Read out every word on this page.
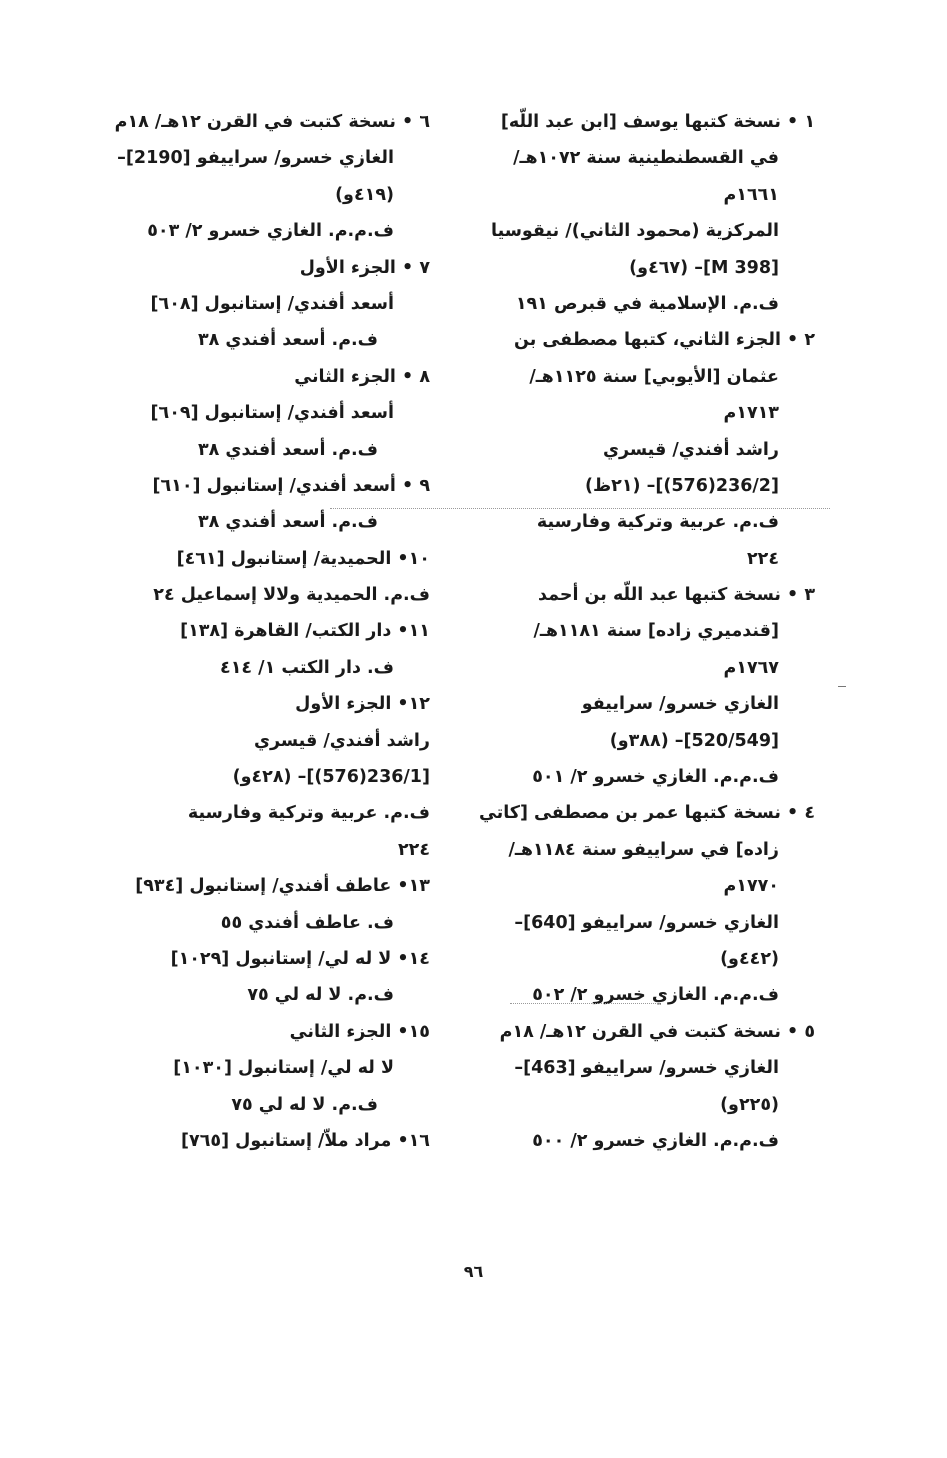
١ • نسخة كتبها يوسف [ابن عبد اللّه]
في القسطنطينية سنة ١٠٧٢هـ/
١٦٦١م
المركزية (محمود الثاني)/ نيقوسيا
[M 398]– (٤٦٧و)
ف.م. الإسلامية في قبرص ١٩١
٢ • الجزء الثاني، كتبها مصطفى بن
عثمان [الأيوبي] سنة ١١٢٥هـ/
١٧١٣م
راشد أفندي/ قيسري
[236/2(576)]– (٢١ظ)
ف.م. عربية وتركية وفارسية
٢٢٤
٣ • نسخة كتبها عبد اللّه بن أحمد
[قندميري زاده] سنة ١١٨١هـ/
١٧٦٧م
الغازي خسرو/ سراييفو
[520/549]– (٣٨٨و)
ف.م.م. الغازي خسرو ٢/ ٥٠١
٤ • نسخة كتبها عمر بن مصطفى [كاتي
زاده] في سراييفو سنة ١١٨٤هـ/
١٧٧٠م
الغازي خسرو/ سراييفو [640]–
(٤٤٢و)
ف.م.م. الغازي خسرو ٢/ ٥٠٢
٥ • نسخة كتبت في القرن ١٢هـ/ ١٨م
الغازي خسرو/ سراييفو [463]–
(٢٢٥و)
ف.م.م. الغازي خسرو ٢/ ٥٠٠
٦ • نسخة كتبت في القرن ١٢هـ/ ١٨م
الغازي خسرو/ سراييفو [2190]–
(٤١٩و)
ف.م.م. الغازي خسرو ٢/ ٥٠٣
٧ • الجزء الأول
أسعد أفندي/ إستانبول [٦٠٨]
ف.م. أسعد أفندي ٣٨
٨ • الجزء الثاني
أسعد أفندي/ إستانبول [٦٠٩]
ف.م. أسعد أفندي ٣٨
٩ • أسعد أفندي/ إستانبول [٦١٠]
ف.م. أسعد أفندي ٣٨
١٠• الحميدية/ إستانبول [٤٦١]
ف.م. الحميدية ولالا إسماعيل ٢٤
١١• دار الكتب/ القاهرة [١٣٨]
ف. دار الكتب ١/ ٤١٤
١٢• الجزء الأول
راشد أفندي/ قيسري
[236/1(576)]– (٤٢٨و)
ف.م. عربية وتركية وفارسية
٢٢٤
١٣• عاطف أفندي/ إستانبول [٩٣٤]
ف. عاطف أفندي ٥٥
١٤• لا له لي/ إستانبول [١٠٢٩]
ف.م. لا له لي ٧٥
١٥• الجزء الثاني
لا له لي/ إستانبول [١٠٣٠]
ف.م. لا له لي ٧٥
١٦• مراد ملاّ/ إستانبول [٧٦٥]
٩٦
